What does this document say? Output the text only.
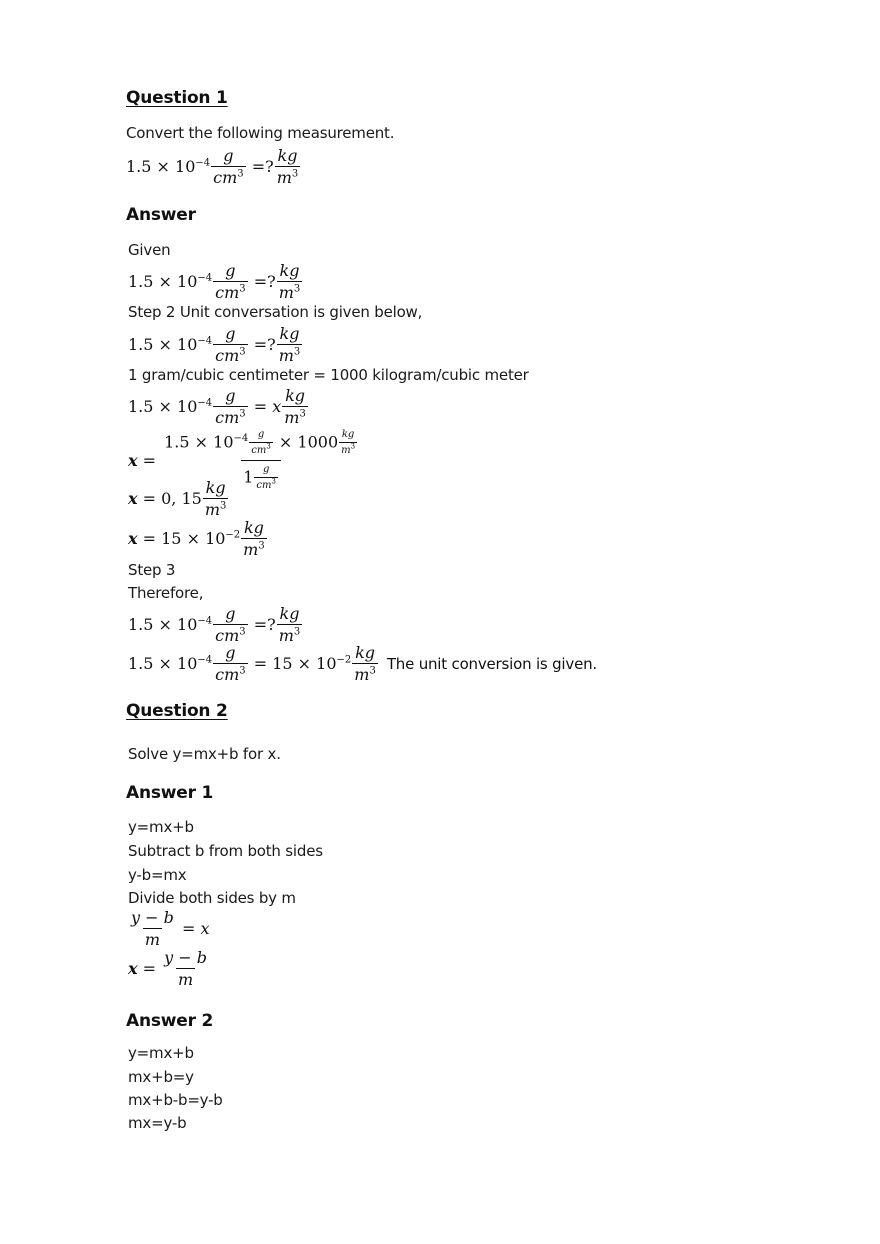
Question 1
Convert the following measurement.
$1.5 \times 10^{-4} \frac{g}{cm^3}$ =?
kg
$m^3$
Answer
Given
$1.5 \times 10^{-4} \frac{g}{cm^3}$ =?
kg
$m^3$
Step 2 Unit conversation is given below,
$1.5 \times 10^{-4} \frac{g}{cm^3}$ =?
kg
$m^3$
1 gram/cubic centimeter = 1000 kilogram/cubic meter
$1.5 \times 10^{-4} \frac{g}{cm^3} = x$
kg
$m^3$
x =
$1.5 \times 10^{-4} \frac{g}{cm^3} \times 1000 \frac{kg}{m^3}$
$1 \frac{g}{cm^3}$
x = 0, 15
kg
$m^3$
$x = 15 \times 10^{-2}$ kg
$m^3$
Step 3
Therefore,
$1.5 \times 10^{-4} \frac{g}{cm^3}$ =?
kg
$m^3$
$1.5 \times 10^{-4} \frac{g}{cm^3} = 15 \times 10^{-2}$ kg
$m^3$ The unit conversion is given.
Question 2
Solve y=mx+b for x.
Answer 1
y=mx+b
Subtract b from both sides
y-b=mx
Divide both sides by m
$\frac{y - b}{m} = x$
$x = \frac{y - b}{m}$
Answer 2
y=mx+b
mx+b=y
mx+b-b=y-b
mx=y-b
